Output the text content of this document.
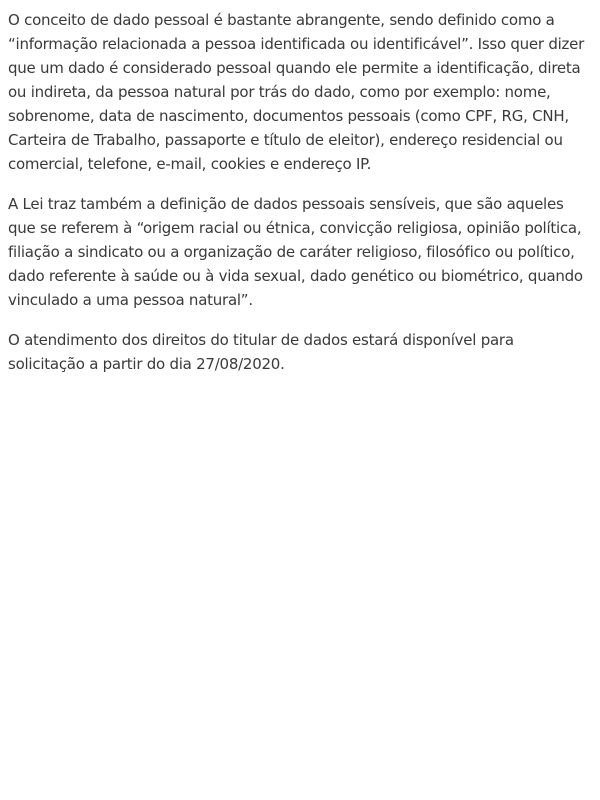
O conceito de dado pessoal é bastante abrangente, sendo definido como a “informação relacionada a pessoa identificada ou identificável”. Isso quer dizer que um dado é considerado pessoal quando ele permite a identificação, direta ou indireta, da pessoa natural por trás do dado, como por exemplo: nome, sobrenome, data de nascimento, documentos pessoais (como CPF, RG, CNH, Carteira de Trabalho, passaporte e título de eleitor), endereço residencial ou comercial, telefone, e-mail, cookies e endereço IP.

A Lei traz também a definição de dados pessoais sensíveis, que são aqueles que se referem à “origem racial ou étnica, convicção religiosa, opinião política, filiação a sindicato ou a organização de caráter religioso, filosófico ou político, dado referente à saúde ou à vida sexual, dado genético ou biométrico, quando vinculado a uma pessoa natural”.

O atendimento dos direitos do titular de dados estará disponível para solicitação a partir do dia 27/08/2020.
